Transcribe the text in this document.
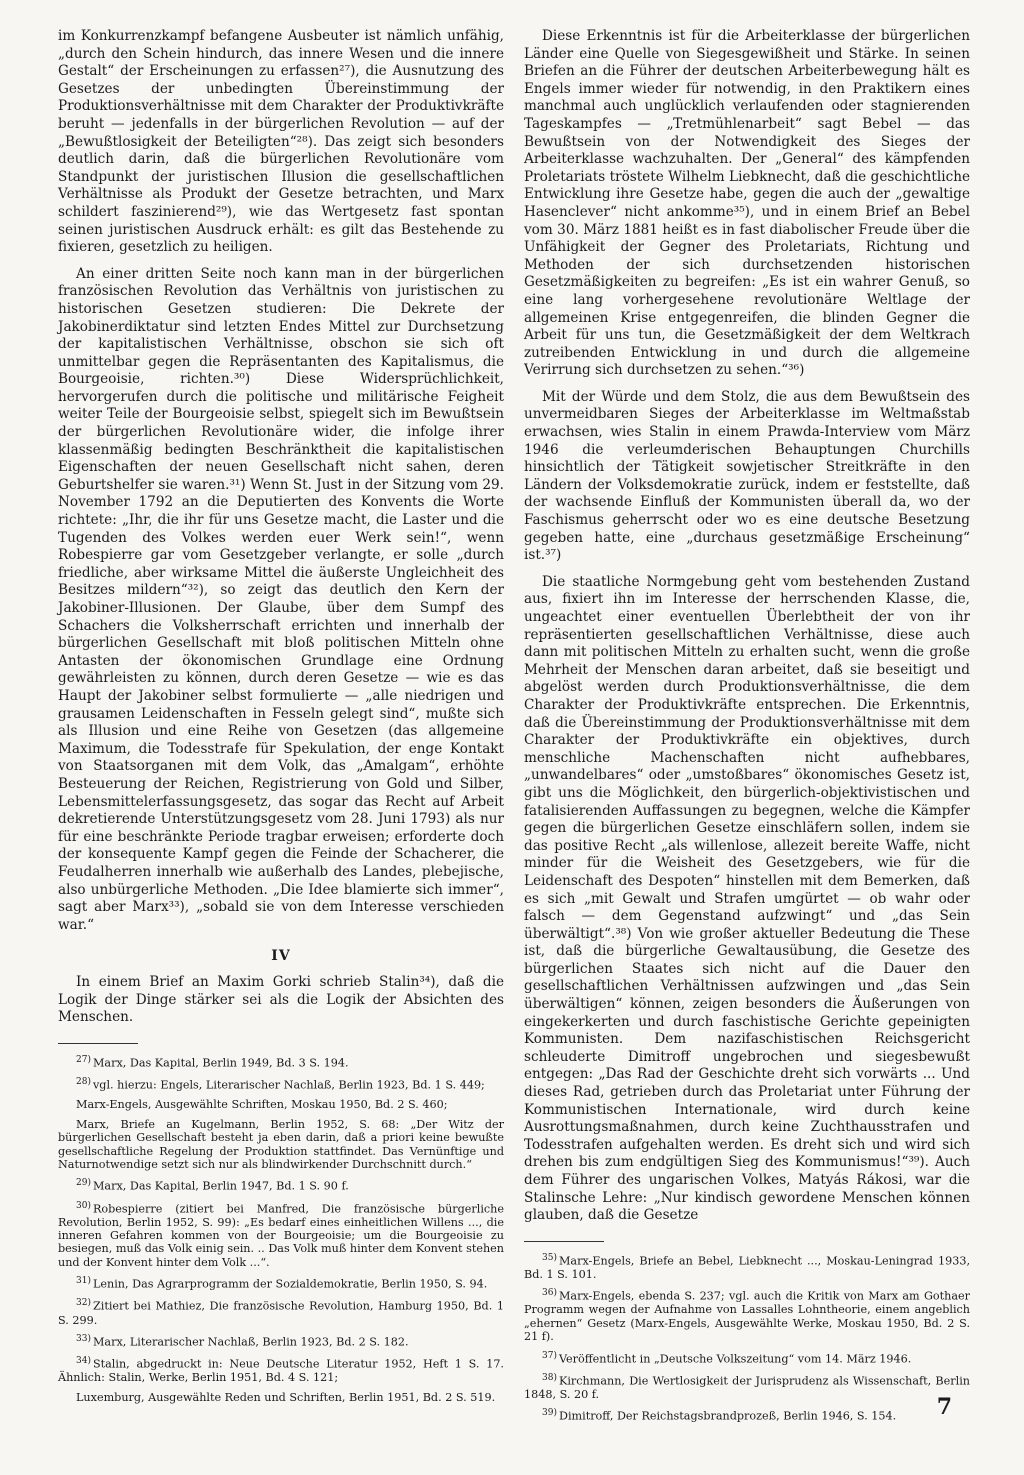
im Konkurrenzkampf befangene Ausbeuter ist nämlich unfähig, „durch den Schein hindurch, das innere Wesen und die innere Gestalt“ der Erscheinungen zu erfassen²⁷), die Ausnutzung des Gesetzes der unbedingten Übereinstimmung der Produktionsverhältnisse mit dem Charakter der Produktivkräfte beruht — jedenfalls in der bürgerlichen Revolution — auf der „Bewußtlosigkeit der Beteiligten“²⁸). Das zeigt sich besonders deutlich darin, daß die bürgerlichen Revolutionäre vom Standpunkt der juristischen Illusion die gesellschaftlichen Verhältnisse als Produkt der Gesetze betrachten, und Marx schildert faszinierend²⁹), wie das Wertgesetz fast spontan seinen juristischen Ausdruck erhält: es gilt das Bestehende zu fixieren, gesetzlich zu heiligen.

An einer dritten Seite noch kann man in der bürgerlichen französischen Revolution das Verhältnis von juristischen zu historischen Gesetzen studieren: Die Dekrete der Jakobinerdiktatur sind letzten Endes Mittel zur Durchsetzung der kapitalistischen Verhältnisse, obschon sie sich oft unmittelbar gegen die Repräsentanten des Kapitalismus, die Bourgeoisie, richten.³⁰) Diese Widersprüchlichkeit, hervorgerufen durch die politische und militärische Feigheit weiter Teile der Bourgeoisie selbst, spiegelt sich im Bewußtsein der bürgerlichen Revolutionäre wider, die infolge ihrer klassenmäßig bedingten Beschränktheit die kapitalistischen Eigenschaften der neuen Gesellschaft nicht sahen, deren Geburtshelfer sie waren.³¹) Wenn St. Just in der Sitzung vom 29. November 1792 an die Deputierten des Konvents die Worte richtete: „Ihr, die ihr für uns Gesetze macht, die Laster und die Tugenden des Volkes werden euer Werk sein!“, wenn Robespierre gar vom Gesetzgeber verlangte, er solle „durch friedliche, aber wirksame Mittel die äußerste Ungleichheit des Besitzes mildern“³²), so zeigt das deutlich den Kern der Jakobiner-Illusionen. Der Glaube, über dem Sumpf des Schachers die Volksherrschaft errichten und innerhalb der bürgerlichen Gesellschaft mit bloß politischen Mitteln ohne Antasten der ökonomischen Grundlage eine Ordnung gewährleisten zu können, durch deren Gesetze — wie es das Haupt der Jakobiner selbst formulierte — „alle niedrigen und grausamen Leidenschaften in Fesseln gelegt sind“, mußte sich als Illusion und eine Reihe von Gesetzen (das allgemeine Maximum, die Todesstrafe für Spekulation, der enge Kontakt von Staatsorganen mit dem Volk, das „Amalgam“, erhöhte Besteuerung der Reichen, Registrierung von Gold und Silber, Lebensmittelerfassungsgesetz, das sogar das Recht auf Arbeit dekretierende Unterstützungsgesetz vom 28. Juni 1793) als nur für eine beschränkte Periode tragbar erweisen; erforderte doch der konsequente Kampf gegen die Feinde der Schacherer, die Feudalherren innerhalb wie außerhalb des Landes, plebejische, also unbürgerliche Methoden. „Die Idee blamierte sich immer“, sagt aber Marx³³), „sobald sie von dem Interesse verschieden war.“

IV

In einem Brief an Maxim Gorki schrieb Stalin³⁴), daß die Logik der Dinge stärker sei als die Logik der Absichten des Menschen.

$^{27)}$ Marx, Das Kapital, Berlin 1949, Bd. 3 S. 194.

$^{28)}$ vgl. hierzu: Engels, Literarischer Nachlaß, Berlin 1923, Bd. 1 S. 449;

Marx-Engels, Ausgewählte Schriften, Moskau 1950, Bd. 2 S. 460;

Marx, Briefe an Kugelmann, Berlin 1952, S. 68: „Der Witz der bürgerlichen Gesellschaft besteht ja eben darin, daß a priori keine bewußte gesellschaftliche Regelung der Produktion stattfindet. Das Vernünftige und Naturnotwendige setzt sich nur als blindwirkender Durchschnitt durch.“

$^{29)}$ Marx, Das Kapital, Berlin 1947, Bd. 1 S. 90 f.

$^{30)}$ Robespierre (zitiert bei Manfred, Die französische bürgerliche Revolution, Berlin 1952, S. 99): „Es bedarf eines einheitlichen Willens ..., die inneren Gefahren kommen von der Bourgeoisie; um die Bourgeoisie zu besiegen, muß das Volk einig sein. .. Das Volk muß hinter dem Konvent stehen und der Konvent hinter dem Volk ...“.

$^{31)}$ Lenin, Das Agrarprogramm der Sozialdemokratie, Berlin 1950, S. 94.

$^{32)}$ Zitiert bei Mathiez, Die französische Revolution, Hamburg 1950, Bd. 1 S. 299.

$^{33)}$ Marx, Literarischer Nachlaß, Berlin 1923, Bd. 2 S. 182.

$^{34)}$ Stalin, abgedruckt in: Neue Deutsche Literatur 1952, Heft 1 S. 17. Ähnlich: Stalin, Werke, Berlin 1951, Bd. 4 S. 121;

Luxemburg, Ausgewählte Reden und Schriften, Berlin 1951, Bd. 2 S. 519.

Diese Erkenntnis ist für die Arbeiterklasse der bürgerlichen Länder eine Quelle von Siegesgewißheit und Stärke. In seinen Briefen an die Führer der deutschen Arbeiterbewegung hält es Engels immer wieder für notwendig, in den Praktikern eines manchmal auch unglücklich verlaufenden oder stagnierenden Tageskampfes — „Tretmühlenarbeit“ sagt Bebel — das Bewußtsein von der Notwendigkeit des Sieges der Arbeiterklasse wachzuhalten. Der „General“ des kämpfenden Proletariats tröstete Wilhelm Liebknecht, daß die geschichtliche Entwicklung ihre Gesetze habe, gegen die auch der „gewaltige Hasenclever“ nicht ankomme³⁵), und in einem Brief an Bebel vom 30. März 1881 heißt es in fast diabolischer Freude über die Unfähigkeit der Gegner des Proletariats, Richtung und Methoden der sich durchsetzenden historischen Gesetzmäßigkeiten zu begreifen: „Es ist ein wahrer Genuß, so eine lang vorhergesehene revolutionäre Weltlage der allgemeinen Krise entgegenreifen, die blinden Gegner die Arbeit für uns tun, die Gesetzmäßigkeit der dem Weltkrach zutreibenden Entwicklung in und durch die allgemeine Verirrung sich durchsetzen zu sehen.“³⁶)

Mit der Würde und dem Stolz, die aus dem Bewußtsein des unvermeidbaren Sieges der Arbeiterklasse im Weltmaßstab erwachsen, wies Stalin in einem Prawda-Interview vom März 1946 die verleumderischen Behauptungen Churchills hinsichtlich der Tätigkeit sowjetischer Streitkräfte in den Ländern der Volksdemokratie zurück, indem er feststellte, daß der wachsende Einfluß der Kommunisten überall da, wo der Faschismus geherrscht oder wo es eine deutsche Besetzung gegeben hatte, eine „durchaus gesetzmäßige Erscheinung“ ist.³⁷)

Die staatliche Normgebung geht vom bestehenden Zustand aus, fixiert ihn im Interesse der herrschenden Klasse, die, ungeachtet einer eventuellen Überlebtheit der von ihr repräsentierten gesellschaftlichen Verhältnisse, diese auch dann mit politischen Mitteln zu erhalten sucht, wenn die große Mehrheit der Menschen daran arbeitet, daß sie beseitigt und abgelöst werden durch Produktionsverhältnisse, die dem Charakter der Produktivkräfte entsprechen. Die Erkenntnis, daß die Übereinstimmung der Produktionsverhältnisse mit dem Charakter der Produktivkräfte ein objektives, durch menschliche Machenschaften nicht aufhebbares, „unwandelbares“ oder „umstoßbares“ ökonomisches Gesetz ist, gibt uns die Möglichkeit, den bürgerlich-objektivistischen und fatalisierenden Auffassungen zu begegnen, welche die Kämpfer gegen die bürgerlichen Gesetze einschläfern sollen, indem sie das positive Recht „als willenlose, allezeit bereite Waffe, nicht minder für die Weisheit des Gesetzgebers, wie für die Leidenschaft des Despoten“ hinstellen mit dem Bemerken, daß es sich „mit Gewalt und Strafen umgürtet — ob wahr oder falsch — dem Gegenstand aufzwingt“ und „das Sein überwältigt“.³⁸) Von wie großer aktueller Bedeutung die These ist, daß die bürgerliche Gewaltausübung, die Gesetze des bürgerlichen Staates sich nicht auf die Dauer den gesellschaftlichen Verhältnissen aufzwingen und „das Sein überwältigen“ können, zeigen besonders die Äußerungen von eingekerkerten und durch faschistische Gerichte gepeinigten Kommunisten. Dem nazifaschistischen Reichsgericht schleuderte Dimitroff ungebrochen und siegesbewußt entgegen: „Das Rad der Geschichte dreht sich vorwärts ... Und dieses Rad, getrieben durch das Proletariat unter Führung der Kommunistischen Internationale, wird durch keine Ausrottungsmaßnahmen, durch keine Zuchthausstrafen und Todesstrafen aufgehalten werden. Es dreht sich und wird sich drehen bis zum endgültigen Sieg des Kommunismus!“³⁹). Auch dem Führer des ungarischen Volkes, Matyás Rákosi, war die Stalinsche Lehre: „Nur kindisch gewordene Menschen können glauben, daß die Gesetze

$^{35)}$ Marx-Engels, Briefe an Bebel, Liebknecht ..., Moskau-Leningrad 1933, Bd. 1 S. 101.

$^{36)}$ Marx-Engels, ebenda S. 237; vgl. auch die Kritik von Marx am Gothaer Programm wegen der Aufnahme von Lassalles Lohntheorie, einem angeblich „ehernen“ Gesetz (Marx-Engels, Ausgewählte Werke, Moskau 1950, Bd. 2 S. 21 f).

$^{37)}$ Veröffentlicht in „Deutsche Volkszeitung“ vom 14. März 1946.

$^{38)}$ Kirchmann, Die Wertlosigkeit der Jurisprudenz als Wissenschaft, Berlin 1848, S. 20 f.

$^{39)}$ Dimitroff, Der Reichstagsbrandprozeß, Berlin 1946, S. 154.	7
